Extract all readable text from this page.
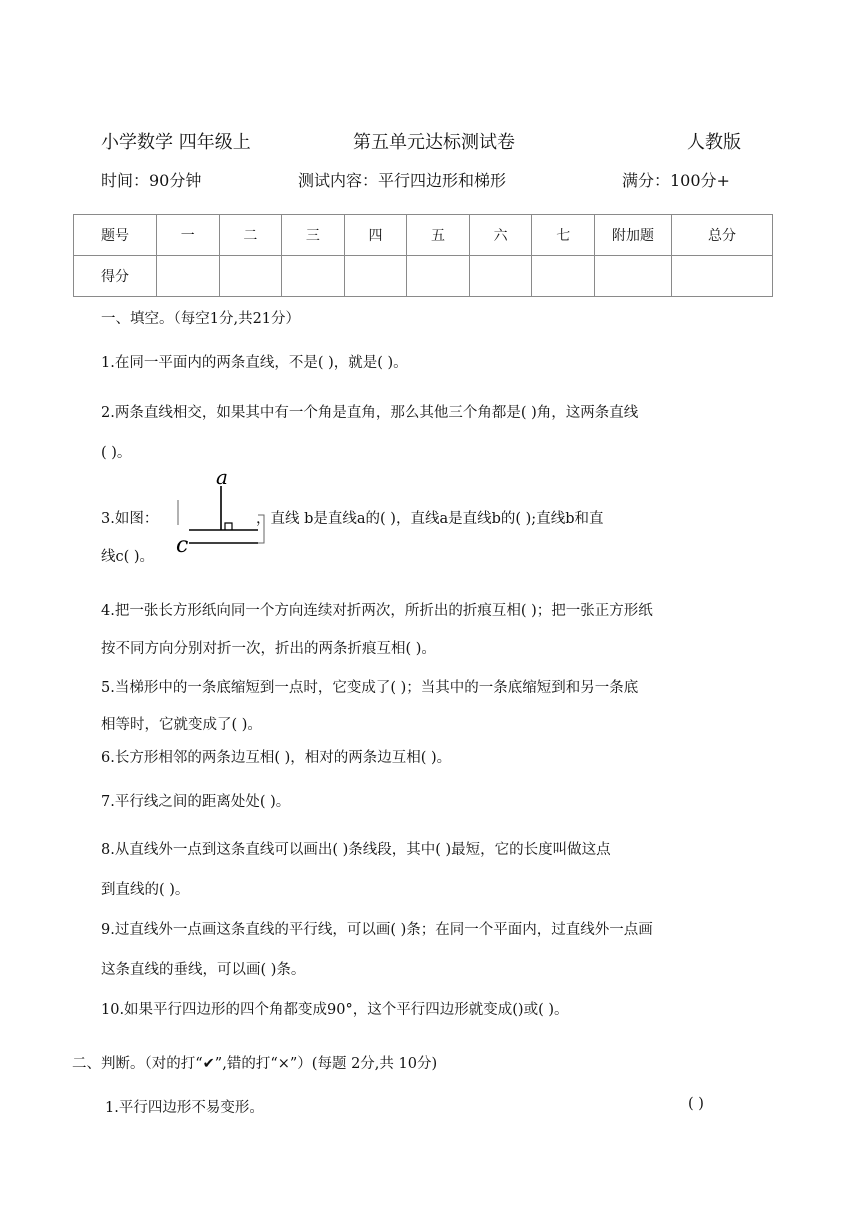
小学数学 四年级上	第五单元达标测试卷	人教版
时间：90分钟	测试内容：平行四边形和梯形	满分：100分+
题号	一	二	三	四	五	六	七	附加题	总分
得分									
一、填空。（每空1分,共21分）
1.在同一平面内的两条直线，不是( )，就是( )。
2.两条直线相交，如果其中有一个角是直角，那么其他三个角都是( )角，这两条直线
( )。
3.如图：
a
c
，直线 b是直线a的( )，直线a是直线b的( );直线b和直
线c( )。
4.把一张长方形纸向同一个方向连续对折两次，所折出的折痕互相( )；把一张正方形纸
按不同方向分别对折一次，折出的两条折痕互相( )。
5.当梯形中的一条底缩短到一点时，它变成了( )；当其中的一条底缩短到和另一条底
相等时，它就变成了( )。
6.长方形相邻的两条边互相( )，相对的两条边互相( )。
7.平行线之间的距离处处( )。
8.从直线外一点到这条直线可以画出( )条线段，其中( )最短，它的长度叫做这点
到直线的( )。
9.过直线外一点画这条直线的平行线，可以画( )条；在同一个平面内，过直线外一点画
这条直线的垂线，可以画( )条。
10.如果平行四边形的四个角都变成90°，这个平行四边形就变成()或( )。
二、判断。（对的打“✔”,错的打“×”）(每题 2分,共 10分)
1.平行四边形不易变形。	( )
